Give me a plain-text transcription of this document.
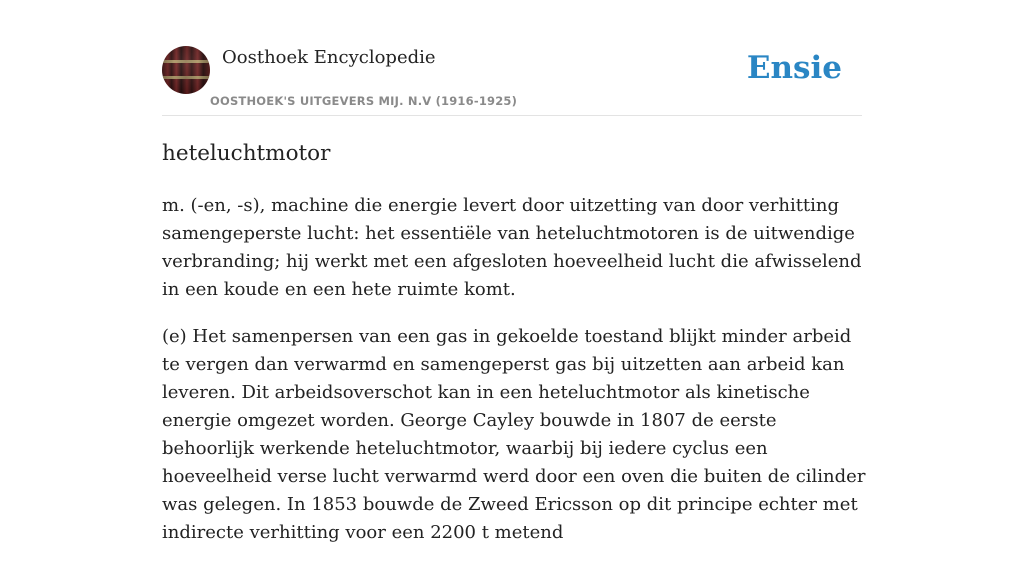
Oosthoek Encyclopedie
OOSTHOEK'S UITGEVERS MIJ. N.V (1916-1925)
Ensie
heteluchtmotor

m. (-en, -s), machine die energie levert door uitzetting van door verhitting samengeperste lucht: het essentiële van heteluchtmotoren is de uitwendige verbranding; hij werkt met een afgesloten hoeveelheid lucht die afwisselend in een koude en een hete ruimte komt.

(e) Het samenpersen van een gas in gekoelde toestand blijkt minder arbeid te vergen dan verwarmd en samengeperst gas bij uitzetten aan arbeid kan leveren. Dit arbeidsoverschot kan in een heteluchtmotor als kinetische energie omgezet worden. George Cayley bouwde in 1807 de eerste behoorlijk werkende heteluchtmotor, waarbij bij iedere cyclus een hoeveelheid verse lucht verwarmd werd door een oven die buiten de cilinder was gelegen. In 1853 bouwde de Zweed Ericsson op dit principe echter met indirecte verhitting voor een 2200 t metend
